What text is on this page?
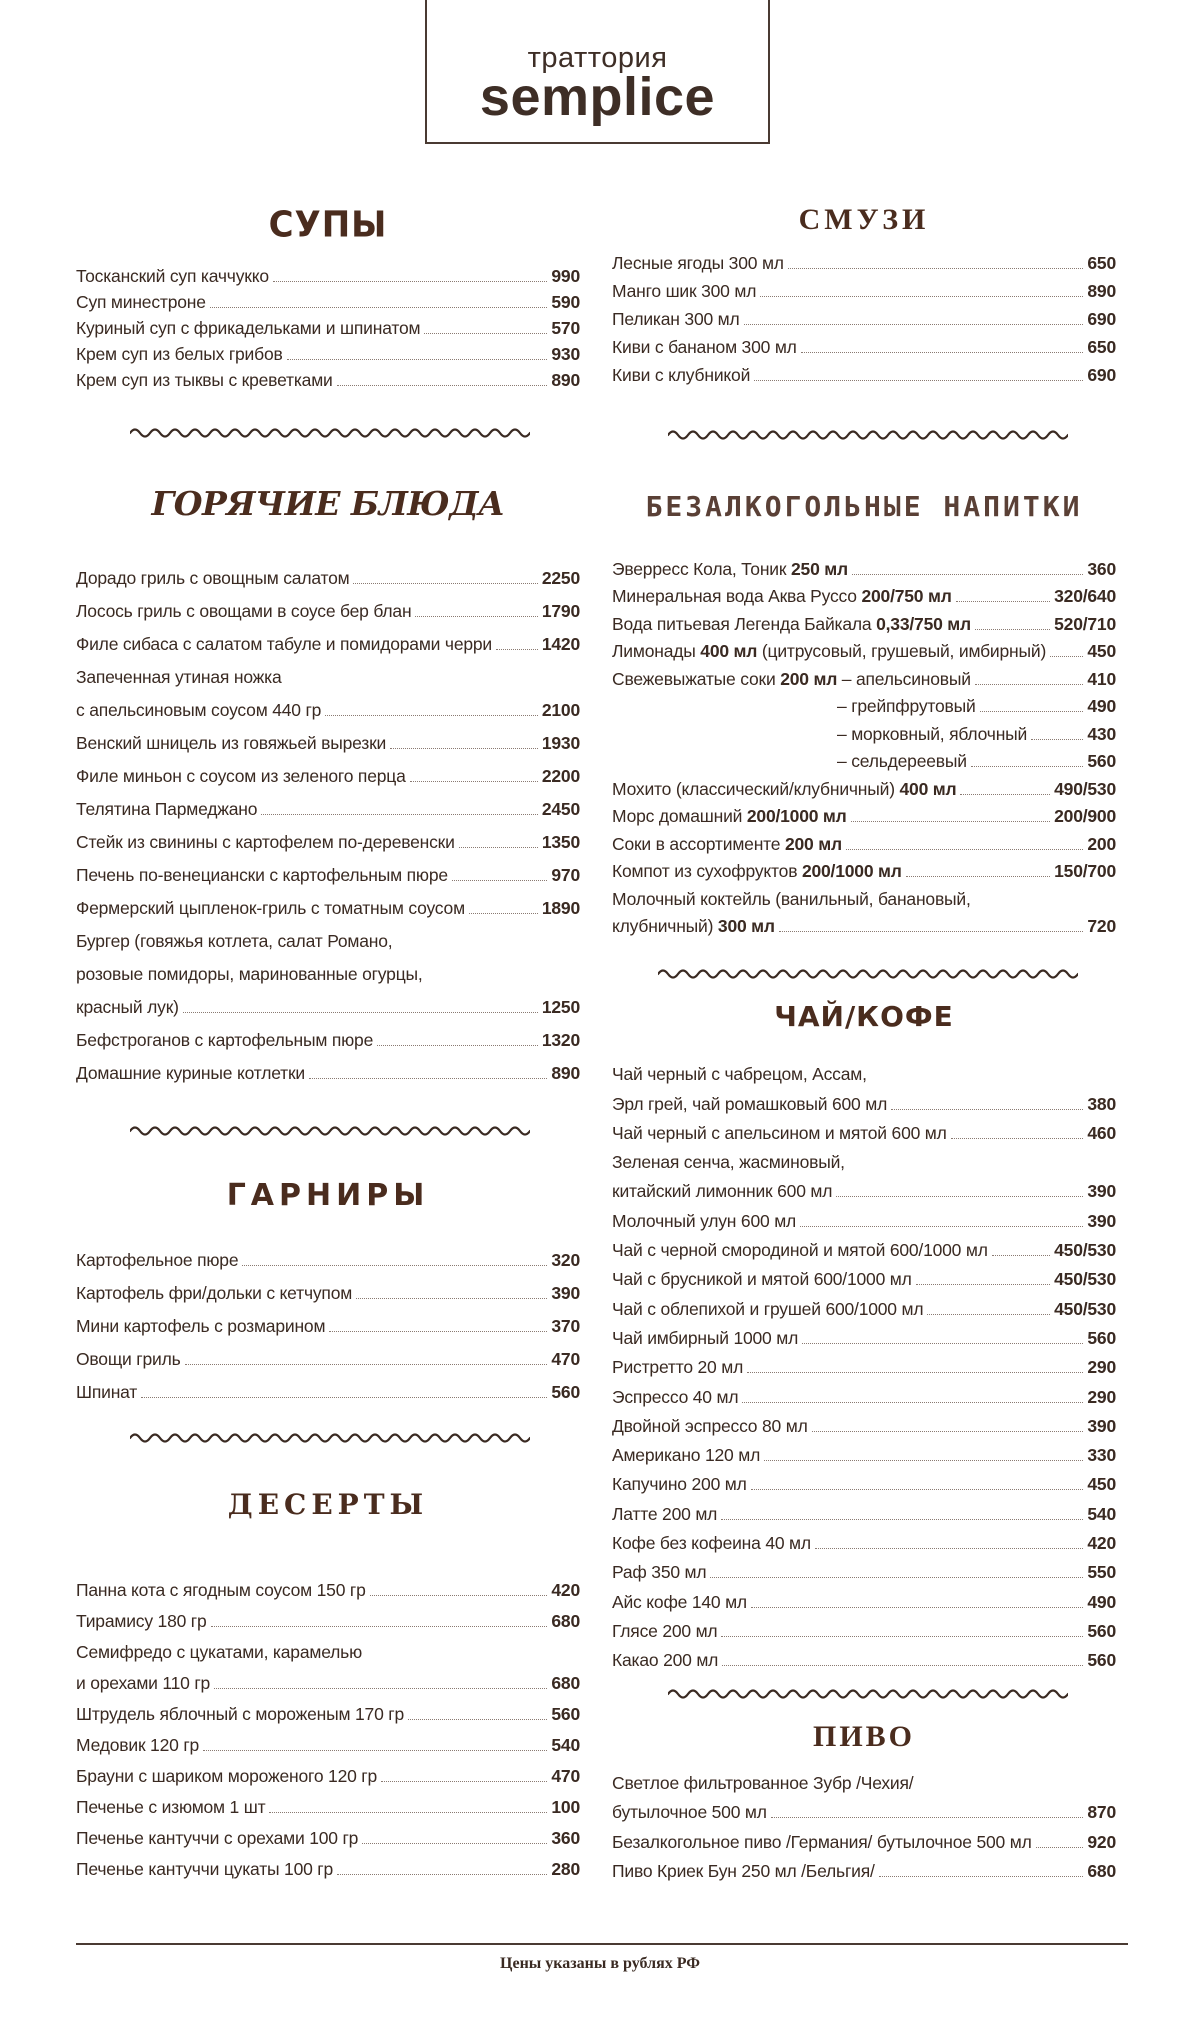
траттория
semplice
СУПЫ
Тосканский суп каччукко	990
Суп минестроне	590
Куриный суп с фрикадельками и шпинатом	570
Крем суп из белых грибов	930
Крем суп из тыквы с креветками	890
ГОРЯЧИЕ БЛЮДА
Дорадо гриль с овощным салатом	2250
Лосось гриль с овощами в соусе бер блан	1790
Филе сибаса с салатом табуле и помидорами черри	1420
Запеченная утиная ножка
с апельсиновым соусом 440 гр	2100
Венский шницель из говяжьей вырезки	1930
Филе миньон с соусом из зеленого перца	2200
Телятина Пармеджано	2450
Стейк из свинины с картофелем по-деревенски	1350
Печень по-венециански с картофельным пюре	970
Фермерский цыпленок-гриль с томатным соусом	1890
Бургер (говяжья котлета, салат Романо,
розовые помидоры, маринованные огурцы,
красный лук)	1250
Бефстроганов с картофельным пюре	1320
Домашние куриные котлетки	890
ГАРНИРЫ
Картофельное пюре	320
Картофель фри/дольки с кетчупом	390
Мини картофель с розмарином	370
Овощи гриль	470
Шпинат	560
ДЕСЕРТЫ
Панна кота с ягодным соусом 150 гр	420
Тирамису 180 гр	680
Семифредо с цукатами, карамелью
и орехами 110 гр	680
Штрудель яблочный с мороженым 170 гр	560
Медовик 120 гр	540
Брауни с шариком мороженого 120 гр	470
Печенье с изюмом 1 шт	100
Печенье кантуччи с орехами 100 гр	360
Печенье кантуччи цукаты 100 гр	280
СМУЗИ
Лесные ягоды 300 мл	650
Манго шик 300 мл	890
Пеликан 300 мл	690
Киви с бананом 300 мл	650
Киви с клубникой	690
БЕЗАЛКОГОЛЬНЫЕ НАПИТКИ
Эверресс Кола, Тоник 250 мл	360
Минеральная вода Аква Руссо 200/750 мл	320/640
Вода питьевая Легенда Байкала 0,33/750 мл	520/710
Лимонады 400 мл (цитрусовый, грушевый, имбирный) 450
Свежевыжатые соки 200 мл – апельсиновый	410
– грейпфрутовый	490
– морковный, яблочный	430
– сельдереевый	560
Мохито (классический/клубничный) 400 мл	490/530
Морс домашний 200/1000 мл	200/900
Соки в ассортименте 200 мл	200
Компот из сухофруктов 200/1000 мл	150/700
Молочный коктейль (ванильный, банановый,
клубничный) 300 мл	720
ЧАЙ/КОФЕ
Чай черный с чабрецом, Ассам,
Эрл грей, чай ромашковый 600 мл	380
Чай черный с апельсином и мятой 600 мл	460
Зеленая сенча, жасминовый,
китайский лимонник 600 мл	390
Молочный улун 600 мл	390
Чай с черной смородиной и мятой 600/1000 мл	450/530
Чай с брусникой и мятой 600/1000 мл	450/530
Чай с облепихой и грушей 600/1000 мл	450/530
Чай имбирный 1000 мл	560
Ристретто 20 мл	290
Эспрессо 40 мл	290
Двойной эспрессо 80 мл	390
Американо 120 мл	330
Капучино 200 мл	450
Латте 200 мл	540
Кофе без кофеина 40 мл	420
Раф 350 мл	550
Айс кофе 140 мл	490
Глясе 200 мл	560
Какао 200 мл	560
ПИВО
Светлое фильтрованное Зубр /Чехия/
бутылочное 500 мл	870
Безалкогольное пиво /Германия/ бутылочное 500 мл	920
Пиво Криек Бун 250 мл /Бельгия/	680
Цены указаны в рублях РФ
